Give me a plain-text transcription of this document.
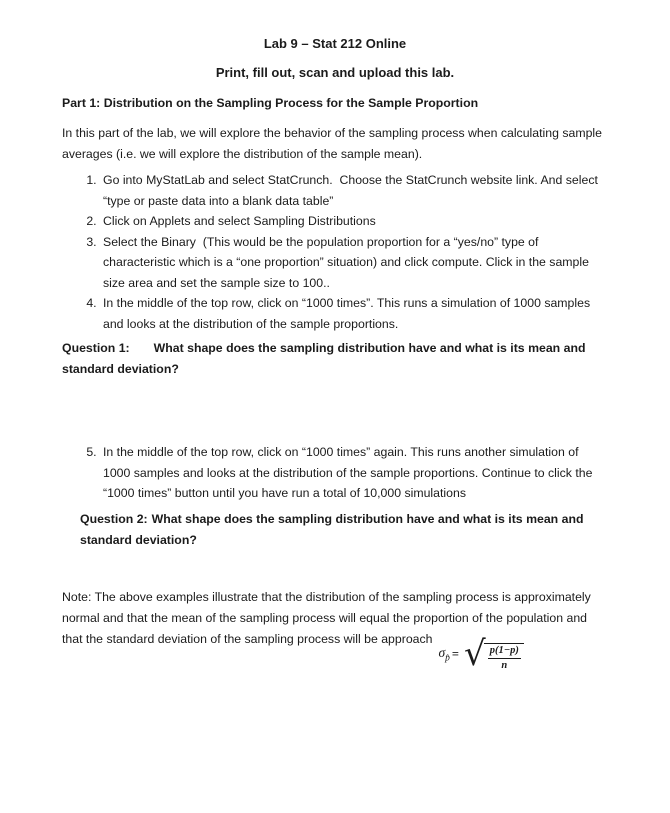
Lab 9 – Stat 212 Online
Print, fill out, scan and upload this lab.
Part 1: Distribution on the Sampling Process for the Sample Proportion

In this part of the lab, we will explore the behavior of the sampling process when calculating sample averages (i.e. we will explore the distribution of the sample mean).

1. Go into MyStatLab and select StatCrunch.  Choose the StatCrunch website link. And select “type or paste data into a blank data table”
2. Click on Applets and select Sampling Distributions
3. Select the Binary  (This would be the population proportion for a “yes/no” type of characteristic which is a “one proportion” situation) and click compute. Click in the sample size area and set the sample size to 100..
4. In the middle of the top row, click on “1000 times”. This runs a simulation of 1000 samples and looks at the distribution of the sample proportions.

Question 1: What shape does the sampling distribution have and what is its mean and standard deviation?

5. In the middle of the top row, click on “1000 times” again. This runs another simulation of 1000 samples and looks at the distribution of the sample proportions. Continue to click the “1000 times” button until you have run a total of 10,000 simulations

Question 2: What shape does the sampling distribution have and what is its mean and standard deviation?

Note: The above examples illustrate that the distribution of the sampling process is approximately normal and that the mean of the sampling process will equal the proportion of the population and that the standard deviation of the sampling process will be approach
$\sigma_{p̂}$ = √ p(1−p)
n
